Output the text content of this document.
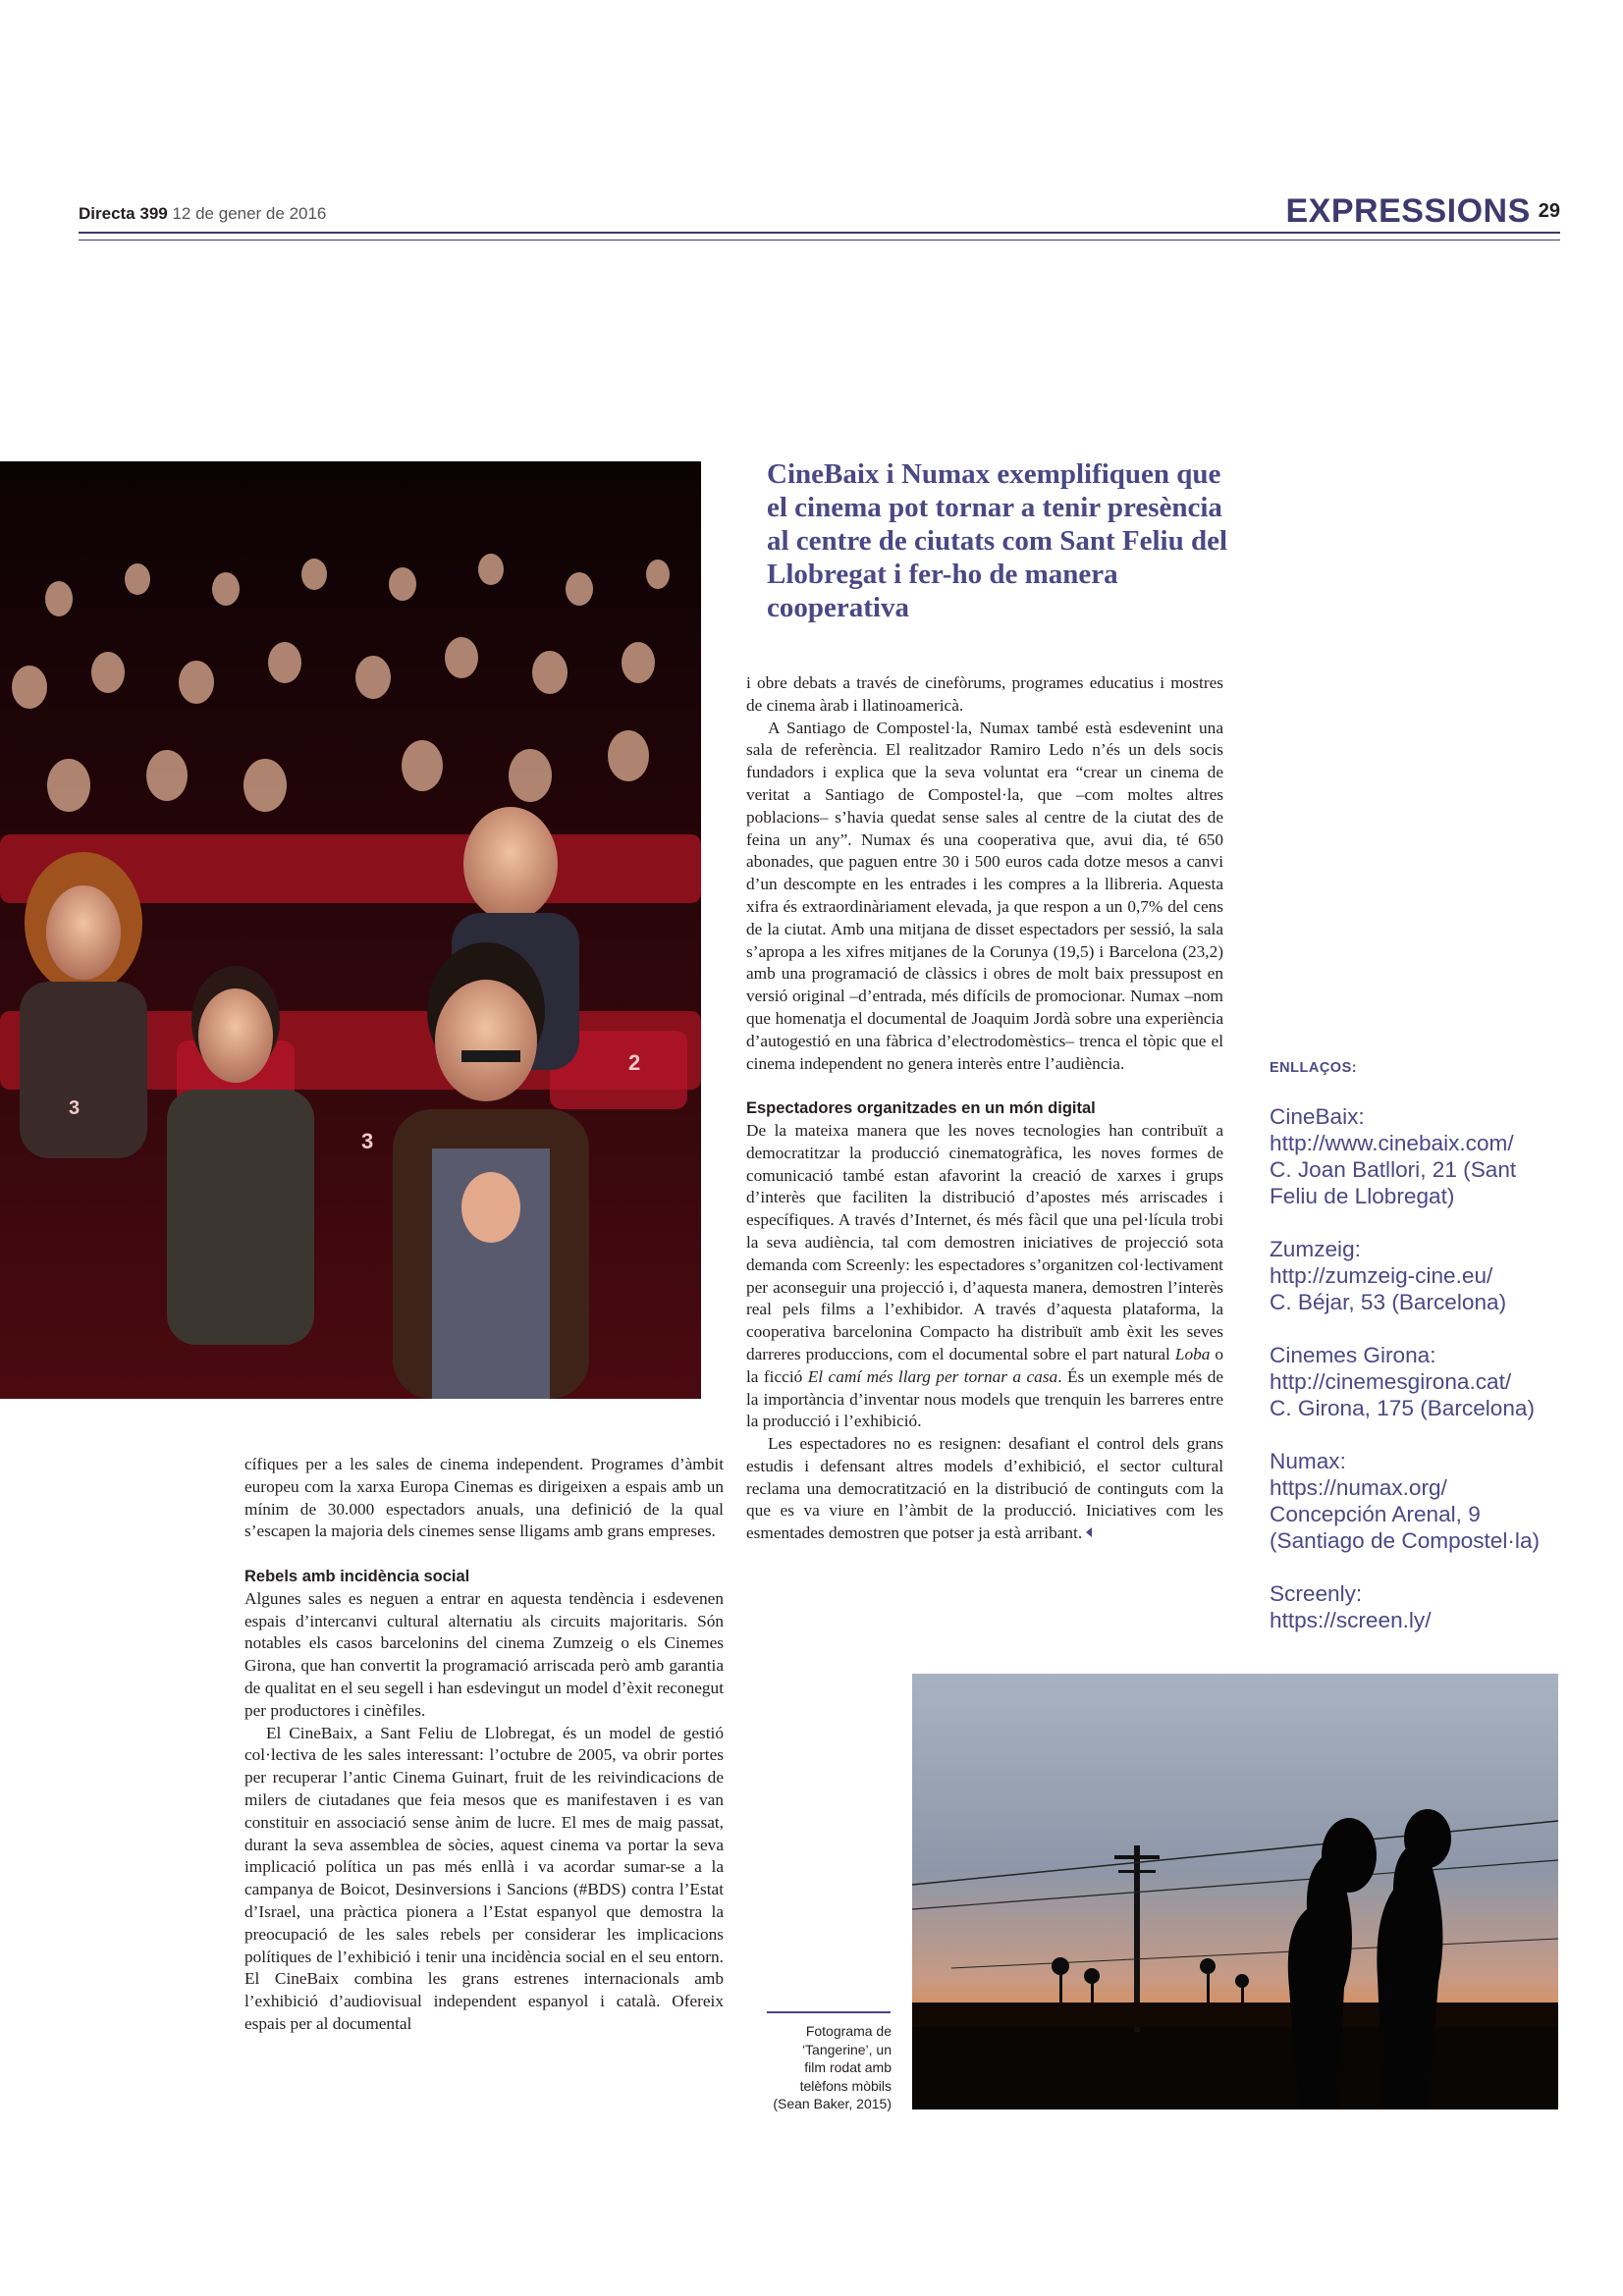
Directa 399 12 de gener de 2016	EXPRESSIONS 29
3
2
3
CineBaix i Numax exemplifiquen que el cinema pot tornar a tenir presència al centre de ciutats com Sant Feliu del Llobregat i fer-ho de manera cooperativa

i obre debats a través de cinefòrums, programes educatius i mostres de cinema àrab i llatinoamericà.

A Santiago de Compostel·la, Numax també està esdevenint una sala de referència. El realitzador Ramiro Ledo n’és un dels socis fundadors i explica que la seva voluntat era “crear un cinema de veritat a Santiago de Compostel·la, que –com moltes altres poblacions– s’havia quedat sense sales al centre de la ciutat des de feina un any”. Numax és una cooperativa que, avui dia, té 650 abonades, que paguen entre 30 i 500 euros cada dotze mesos a canvi d’un descompte en les entrades i les compres a la llibreria. Aquesta xifra és extraordinàriament elevada, ja que respon a un 0,7% del cens de la ciutat. Amb una mitjana de disset espectadors per sessió, la sala s’apropa a les xifres mitjanes de la Corunya (19,5) i Barcelona (23,2) amb una programació de clàssics i obres de molt baix pressupost en versió original –d’entrada, més difícils de promocionar. Numax –nom que homenatja el documental de Joaquim Jordà sobre una experiència d’autogestió en una fàbrica d’electrodomèstics– trenca el tòpic que el cinema independent no genera interès entre l’audiència.

Espectadores organitzades en un món digital

De la mateixa manera que les noves tecnologies han contribuït a democratitzar la producció cinematogràfica, les noves formes de comunicació també estan afavorint la creació de xarxes i grups d’interès que faciliten la distribució d’apostes més arriscades i específiques. A través d’Internet, és més fàcil que una pel·lícula trobi la seva audiència, tal com demostren iniciatives de projecció sota demanda com Screenly: les espectadores s’organitzen col·lectivament per aconseguir una projecció i, d’aquesta manera, demostren l’interès real pels films a l’exhibidor. A través d’aquesta plataforma, la cooperativa barcelonina Compacto ha distribuït amb èxit les seves darreres produccions, com el documental sobre el part natural Loba o la ficció El camí més llarg per tornar a casa. És un exemple més de la importància d’inventar nous models que trenquin les barreres entre la producció i l’exhibició.

Les espectadores no es resignen: desafiant el control dels grans estudis i defensant altres models d’exhibició, el sector cultural reclama una democratització en la distribució de continguts com la que es va viure en l’àmbit de la producció. Iniciatives com les esmentades demostren que potser ja està arribant.

ENLLAÇOS:
CineBaix:
http://www.cinebaix.com/
C. Joan Batllori, 21 (Sant
Feliu de Llobregat)
Zumzeig:
http://zumzeig-cine.eu/
C. Béjar, 53 (Barcelona)
Cinemes Girona:
http://cinemesgirona.cat/
C. Girona, 175 (Barcelona)
Numax:
https://numax.org/
Concepción Arenal, 9
(Santiago de Compostel·la)
Screenly:
https://screen.ly/

cífiques per a les sales de cinema independent. Programes d’àmbit europeu com la xarxa Europa Cinemas es dirigeixen a espais amb un mínim de 30.000 espectadors anuals, una definició de la qual s’escapen la majoria dels cinemes sense lligams amb grans empreses.

Rebels amb incidència social

Algunes sales es neguen a entrar en aquesta tendència i esdevenen espais d’intercanvi cultural alternatiu als circuits majoritaris. Són notables els casos barcelonins del cinema Zumzeig o els Cinemes Girona, que han convertit la programació arriscada però amb garantia de qualitat en el seu segell i han esdevingut un model d’èxit reconegut per productores i cinèfiles.

El CineBaix, a Sant Feliu de Llobregat, és un model de gestió col·lectiva de les sales interessant: l’octubre de 2005, va obrir portes per recuperar l’antic Cinema Guinart, fruit de les reivindicacions de milers de ciutadanes que feia mesos que es manifestaven i es van constituir en associació sense ànim de lucre. El mes de maig passat, durant la seva assemblea de sòcies, aquest cinema va portar la seva implicació política un pas més enllà i va acordar sumar-se a la campanya de Boicot, Desinversions i Sancions (#BDS) contra l’Estat d’Israel, una pràctica pionera a l’Estat espanyol que demostra la preocupació de les sales rebels per considerar les implicacions polítiques de l’exhibició i tenir una incidència social en el seu entorn. El CineBaix combina les grans estrenes internacionals amb l’exhibició d’audiovisual independent espanyol i català. Ofereix espais per al documental	Fotograma de
‘Tangerine’, un
film rodat amb
telèfons mòbils
(Sean Baker, 2015)
